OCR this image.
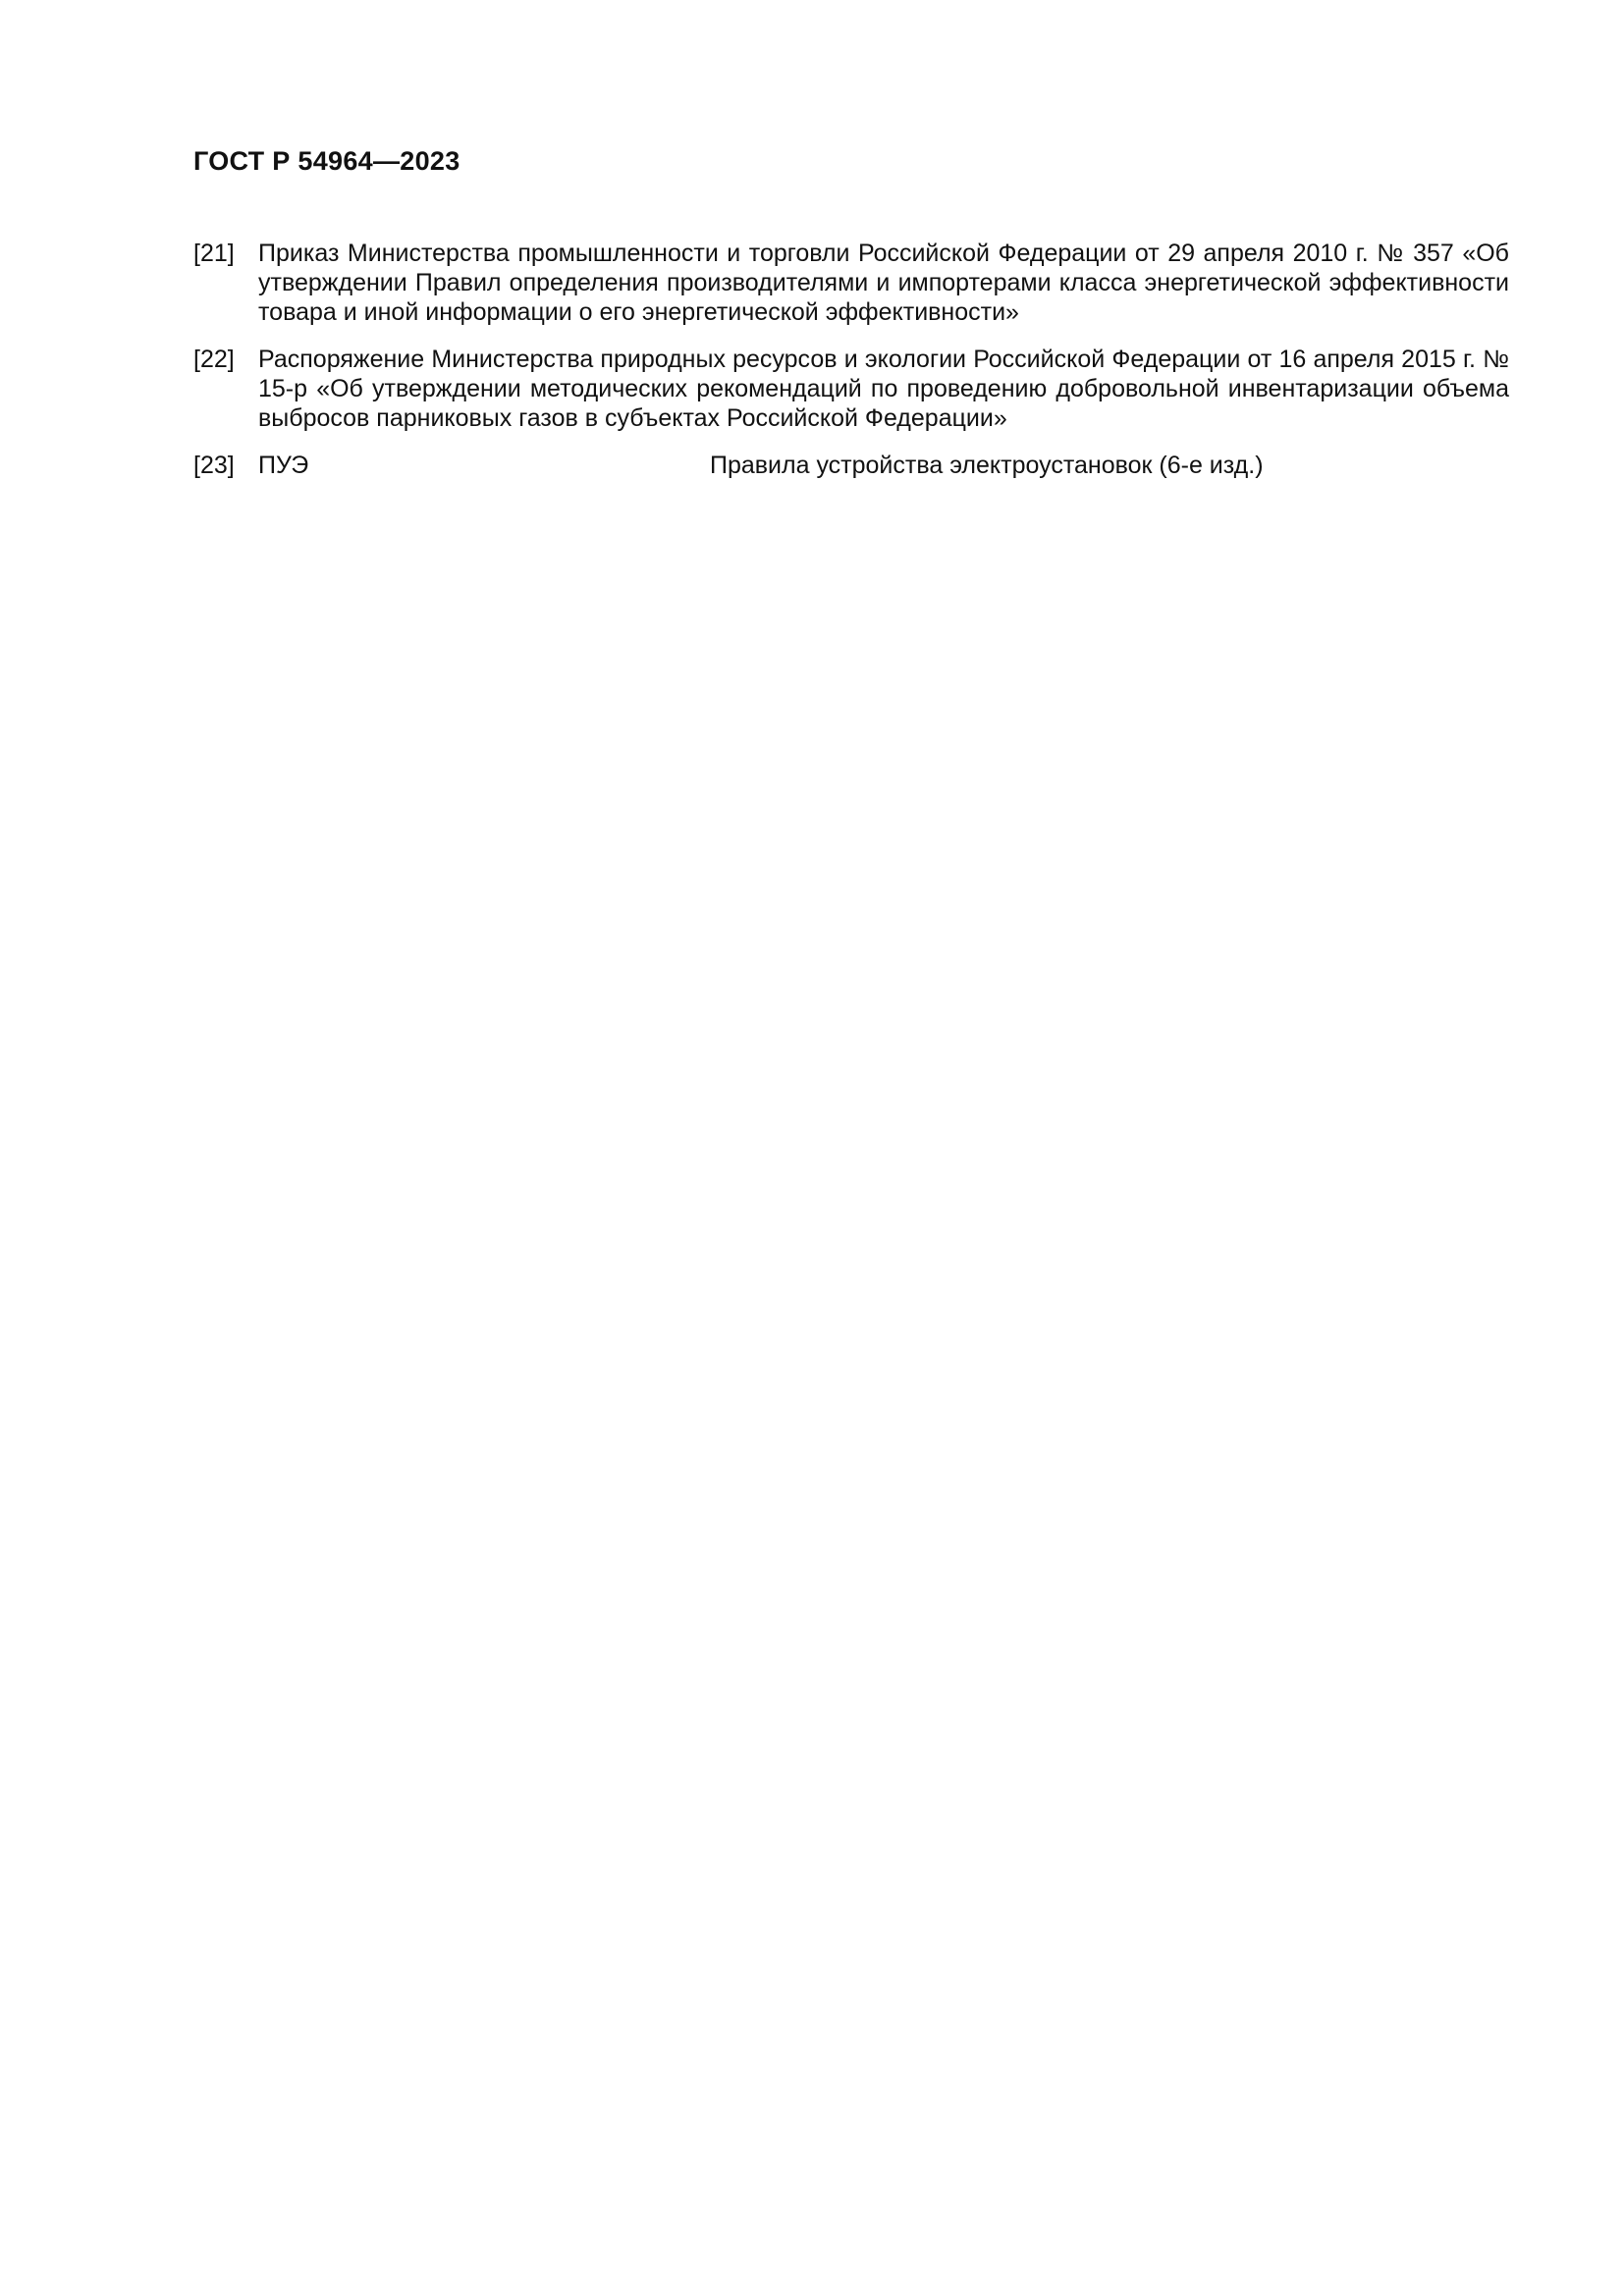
ГОСТ Р 54964—2023
[21] Приказ Министерства промышленности и торговли Российской Федерации от 29 апреля 2010 г. № 357 «Об утверждении Правил определения производителями и импортерами класса энергетической эффективности товара и иной информации о его энергетической эффективности»
[22] Распоряжение Министерства природных ресурсов и экологии Российской Федерации от 16 апреля 2015 г. № 15-р «Об утверждении методических рекомендаций по проведению добровольной инвентаризации объема выбросов парниковых газов в субъектах Российской Федерации»
[23] ПУЭ	Правила устройства электроустановок (6-е изд.)
